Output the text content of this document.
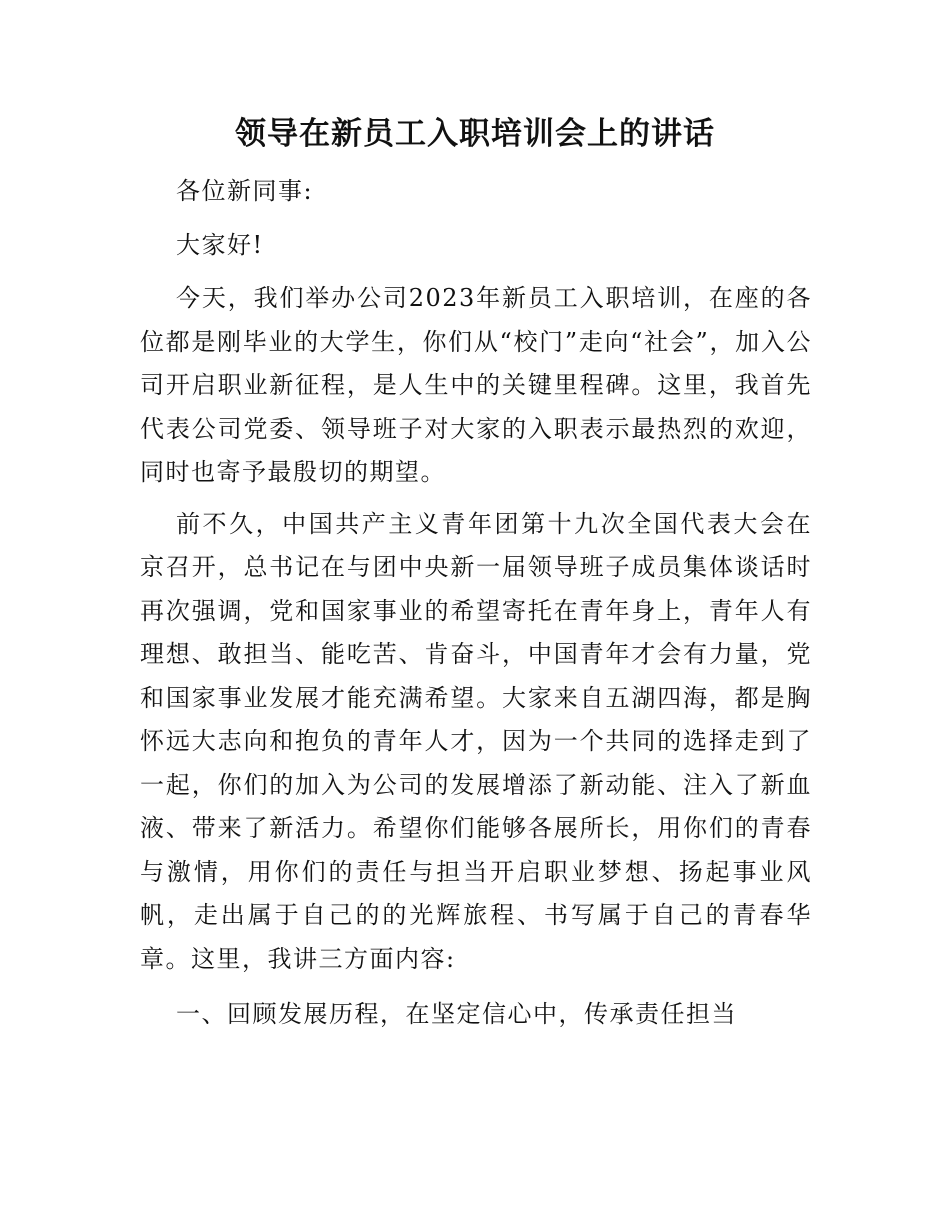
领导在新员工入职培训会上的讲话

各位新同事:

大家好!

今天，我们举办公司2023年新员工入职培训，在座的各位都是刚毕业的大学生，你们从“校门”走向“社会”，加入公司开启职业新征程，是人生中的关键里程碑。这里，我首先代表公司党委、领导班子对大家的入职表示最热烈的欢迎，同时也寄予最殷切的期望。

前不久，中国共产主义青年团第十九次全国代表大会在京召开，总书记在与团中央新一届领导班子成员集体谈话时再次强调，党和国家事业的希望寄托在青年身上，青年人有理想、敢担当、能吃苦、肯奋斗，中国青年才会有力量，党和国家事业发展才能充满希望。大家来自五湖四海，都是胸怀远大志向和抱负的青年人才，因为一个共同的选择走到了一起，你们的加入为公司的发展增添了新动能、注入了新血液、带来了新活力。希望你们能够各展所长，用你们的青春与激情，用你们的责任与担当开启职业梦想、扬起事业风帆，走出属于自己的的光辉旅程、书写属于自己的青春华章。这里，我讲三方面内容:

一、回顾发展历程，在坚定信心中，传承责任担当
